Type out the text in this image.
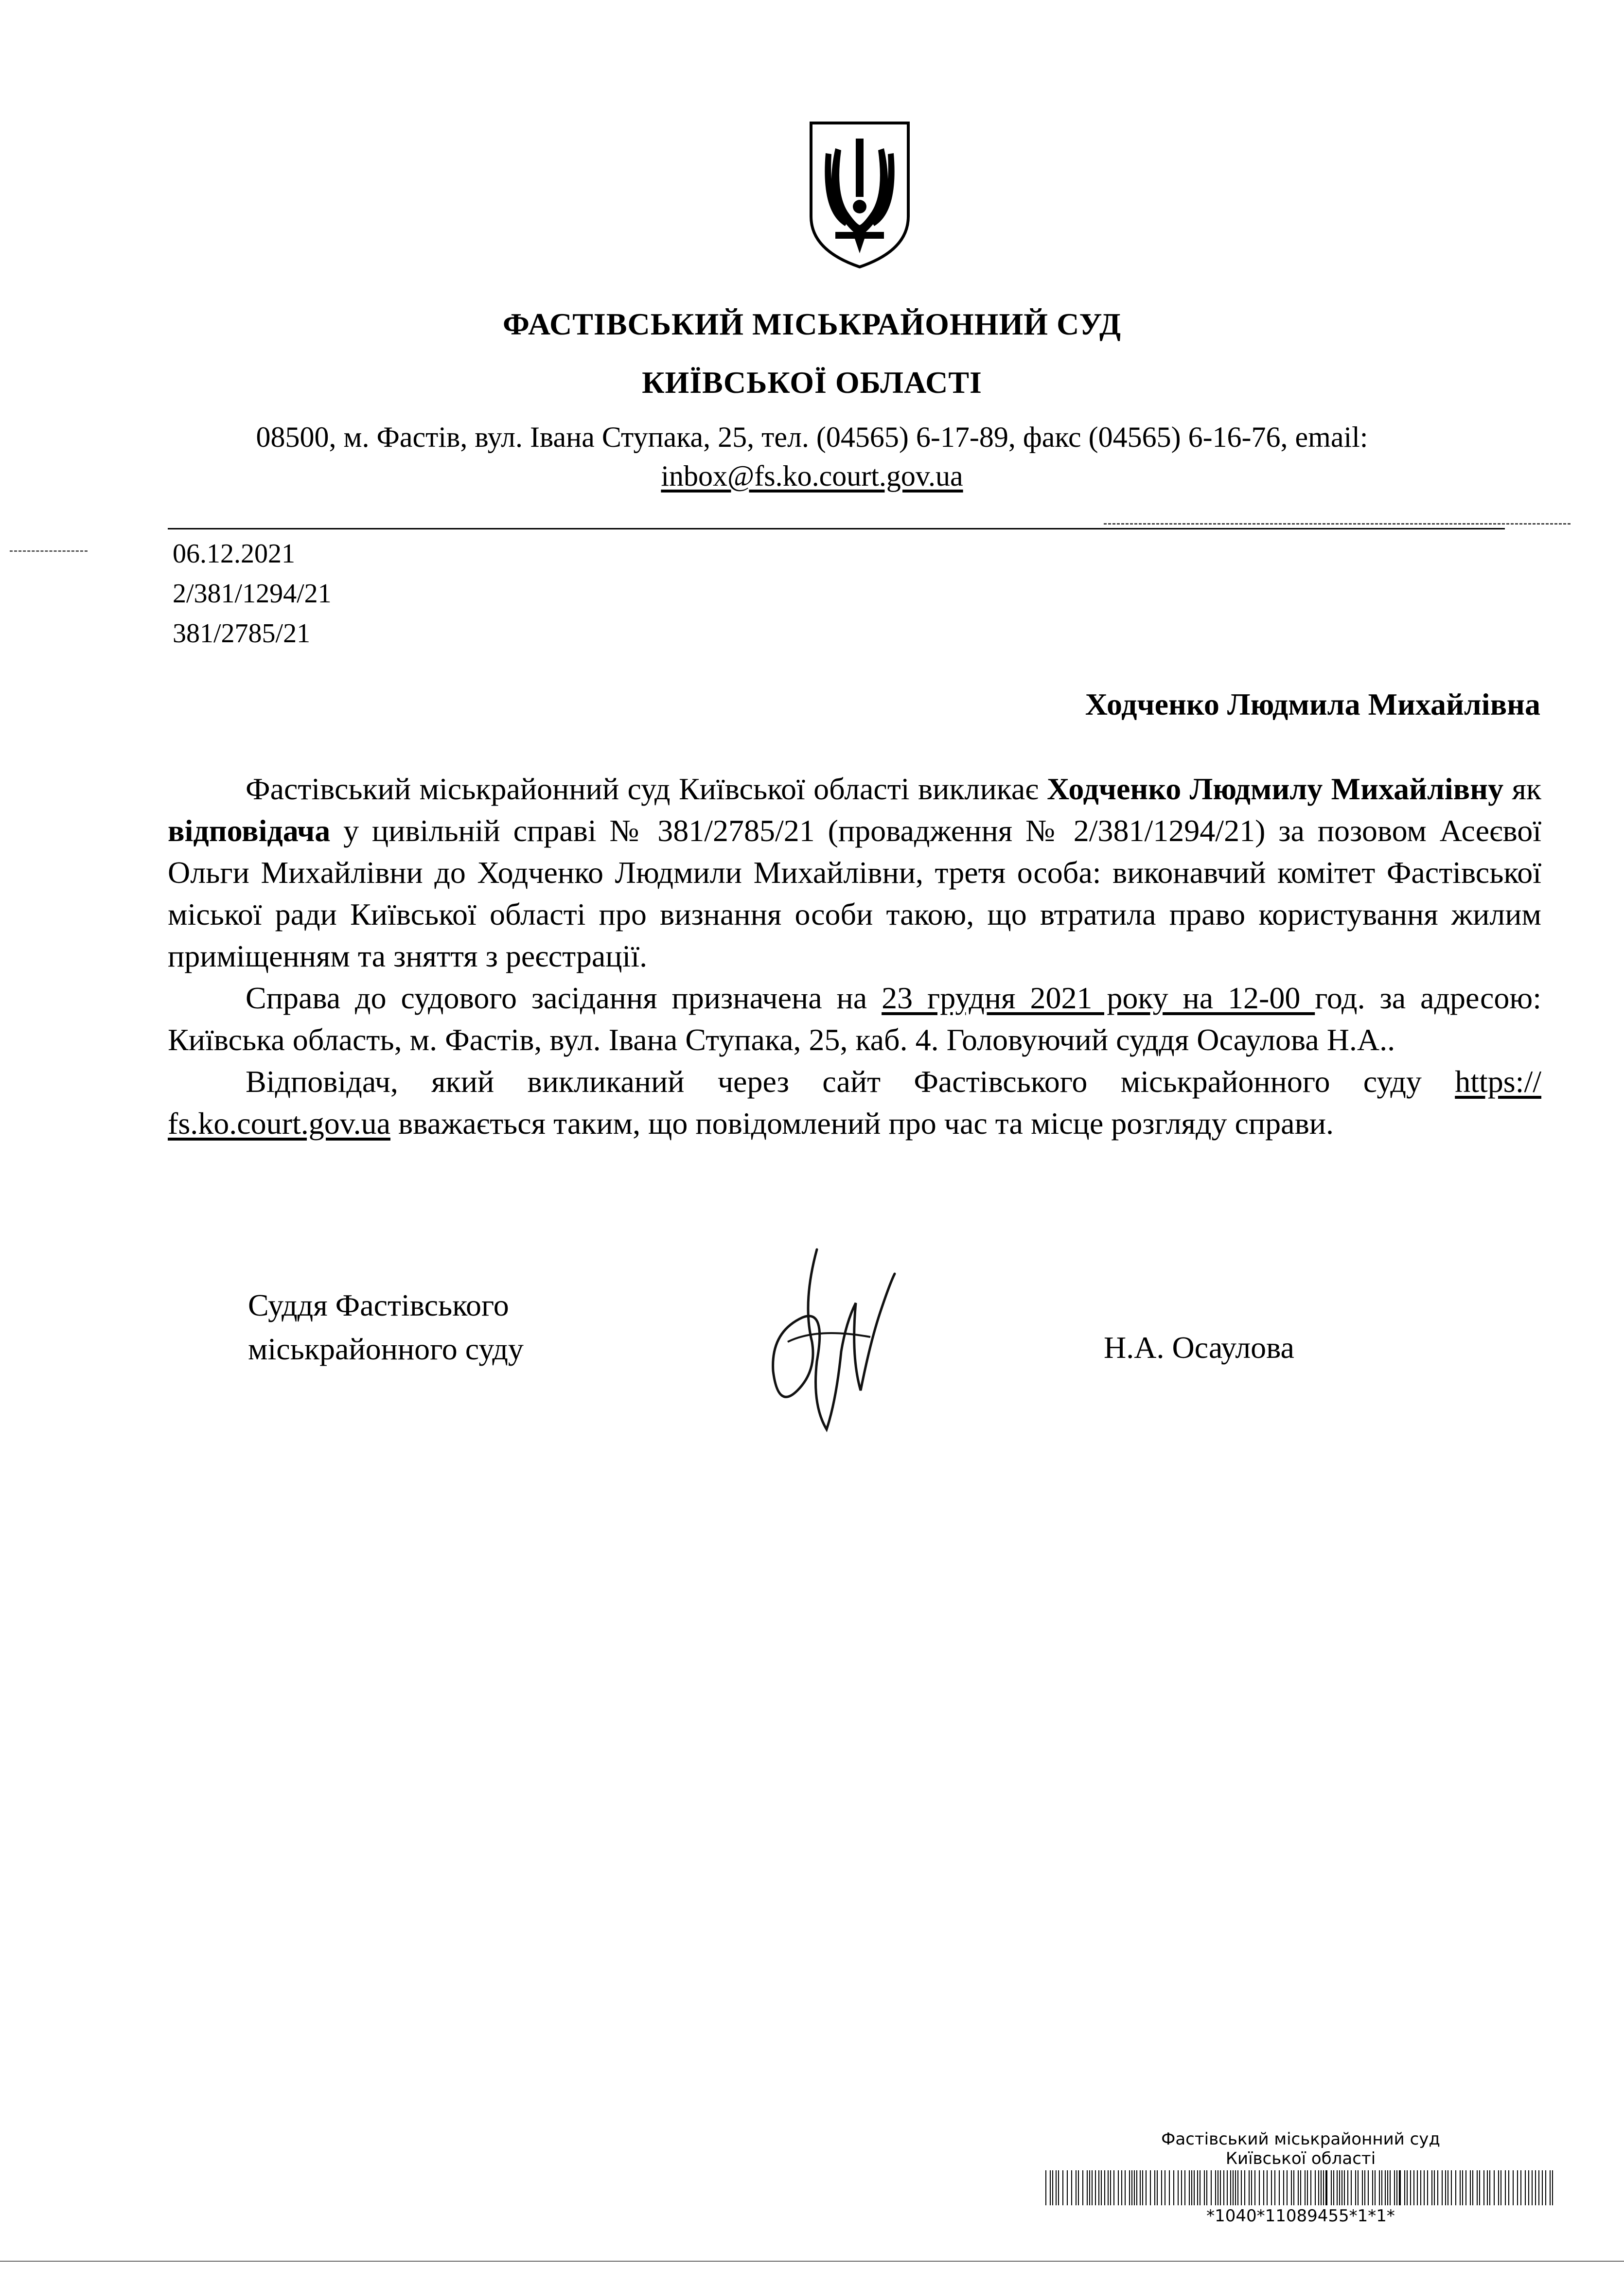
ФАСТІВСЬКИЙ МІСЬКРАЙОННИЙ СУД
КИЇВСЬКОЇ ОБЛАСТІ
08500, м. Фастів, вул. Івана Ступака, 25, тел. (04565) 6-17-89, факс (04565) 6-16-76, email:
inbox@fs.ko.court.gov.ua
06.12.2021
2/381/1294/21
381/2785/21
Ходченко Людмила Михайлівна

Фастівський міськрайонний суд Київської області викликає Ходченко Людмилу Михайлівну як відповідача у цивільній справі № 381/2785/21 (провадження № 2/381/1294/21) за позовом Асеєвої Ольги Михайлівни до Ходченко Людмили Михайлівни, третя особа: виконавчий комітет Фастівської міської ради Київської області про визнання особи такою, що втратила право користування жилим приміщенням та зняття з реєстрації.

Справа до судового засідання призначена на 23 грудня 2021 року на 12-00 год. за адресою: Київська область, м. Фастів, вул. Івана Ступака, 25, каб. 4. Головуючий суддя Осаулова Н.А..

Відповідач, який викликаний через сайт Фастівського міськрайонного суду https:// fs.ko.court.gov.ua вважається таким, що повідомлений про час та місце розгляду справи.

Суддя Фастівського
міськрайонного суду	Н.А. Осаулова
Фастівський міськрайонний суд
Київської області
*1040*11089455*1*1*
